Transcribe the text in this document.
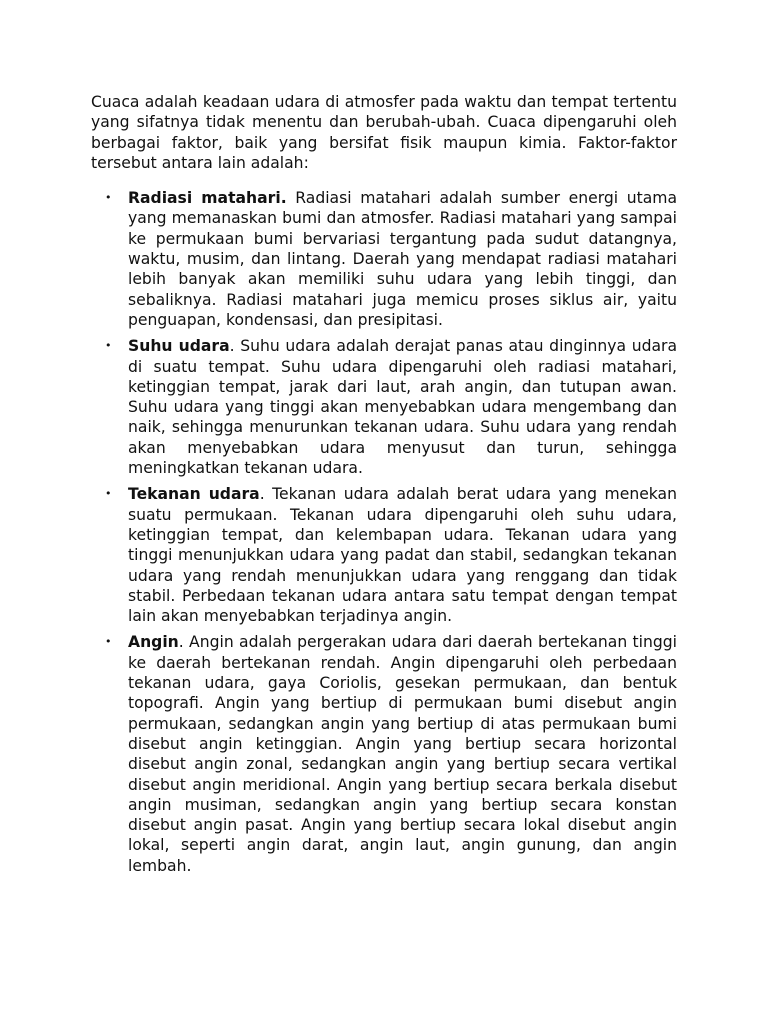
Cuaca adalah keadaan udara di atmosfer pada waktu dan tempat tertentu yang sifatnya tidak menentu dan berubah-ubah. Cuaca dipengaruhi oleh berbagai faktor, baik yang bersifat fisik maupun kimia. Faktor-faktor tersebut antara lain adalah:

• Radiasi matahari. Radiasi matahari adalah sumber energi utama yang memanaskan bumi dan atmosfer. Radiasi matahari yang sampai ke permukaan bumi bervariasi tergantung pada sudut datangnya, waktu, musim, dan lintang. Daerah yang mendapat radiasi matahari lebih banyak akan memiliki suhu udara yang lebih tinggi, dan sebaliknya. Radiasi matahari juga memicu proses siklus air, yaitu penguapan, kondensasi, dan presipitasi.
• Suhu udara. Suhu udara adalah derajat panas atau dinginnya udara di suatu tempat. Suhu udara dipengaruhi oleh radiasi matahari, ketinggian tempat, jarak dari laut, arah angin, dan tutupan awan. Suhu udara yang tinggi akan menyebabkan udara mengembang dan naik, sehingga menurunkan tekanan udara. Suhu udara yang rendah akan menyebabkan udara menyusut dan turun, sehingga meningkatkan tekanan udara.
• Tekanan udara. Tekanan udara adalah berat udara yang menekan suatu permukaan. Tekanan udara dipengaruhi oleh suhu udara, ketinggian tempat, dan kelembapan udara. Tekanan udara yang tinggi menunjukkan udara yang padat dan stabil, sedangkan tekanan udara yang rendah menunjukkan udara yang renggang dan tidak stabil. Perbedaan tekanan udara antara satu tempat dengan tempat lain akan menyebabkan terjadinya angin.
• Angin. Angin adalah pergerakan udara dari daerah bertekanan tinggi ke daerah bertekanan rendah. Angin dipengaruhi oleh perbedaan tekanan udara, gaya Coriolis, gesekan permukaan, dan bentuk topografi. Angin yang bertiup di permukaan bumi disebut angin permukaan, sedangkan angin yang bertiup di atas permukaan bumi disebut angin ketinggian. Angin yang bertiup secara horizontal disebut angin zonal, sedangkan angin yang bertiup secara vertikal disebut angin meridional. Angin yang bertiup secara berkala disebut angin musiman, sedangkan angin yang bertiup secara konstan disebut angin pasat. Angin yang bertiup secara lokal disebut angin lokal, seperti angin darat, angin laut, angin gunung, dan angin lembah.
